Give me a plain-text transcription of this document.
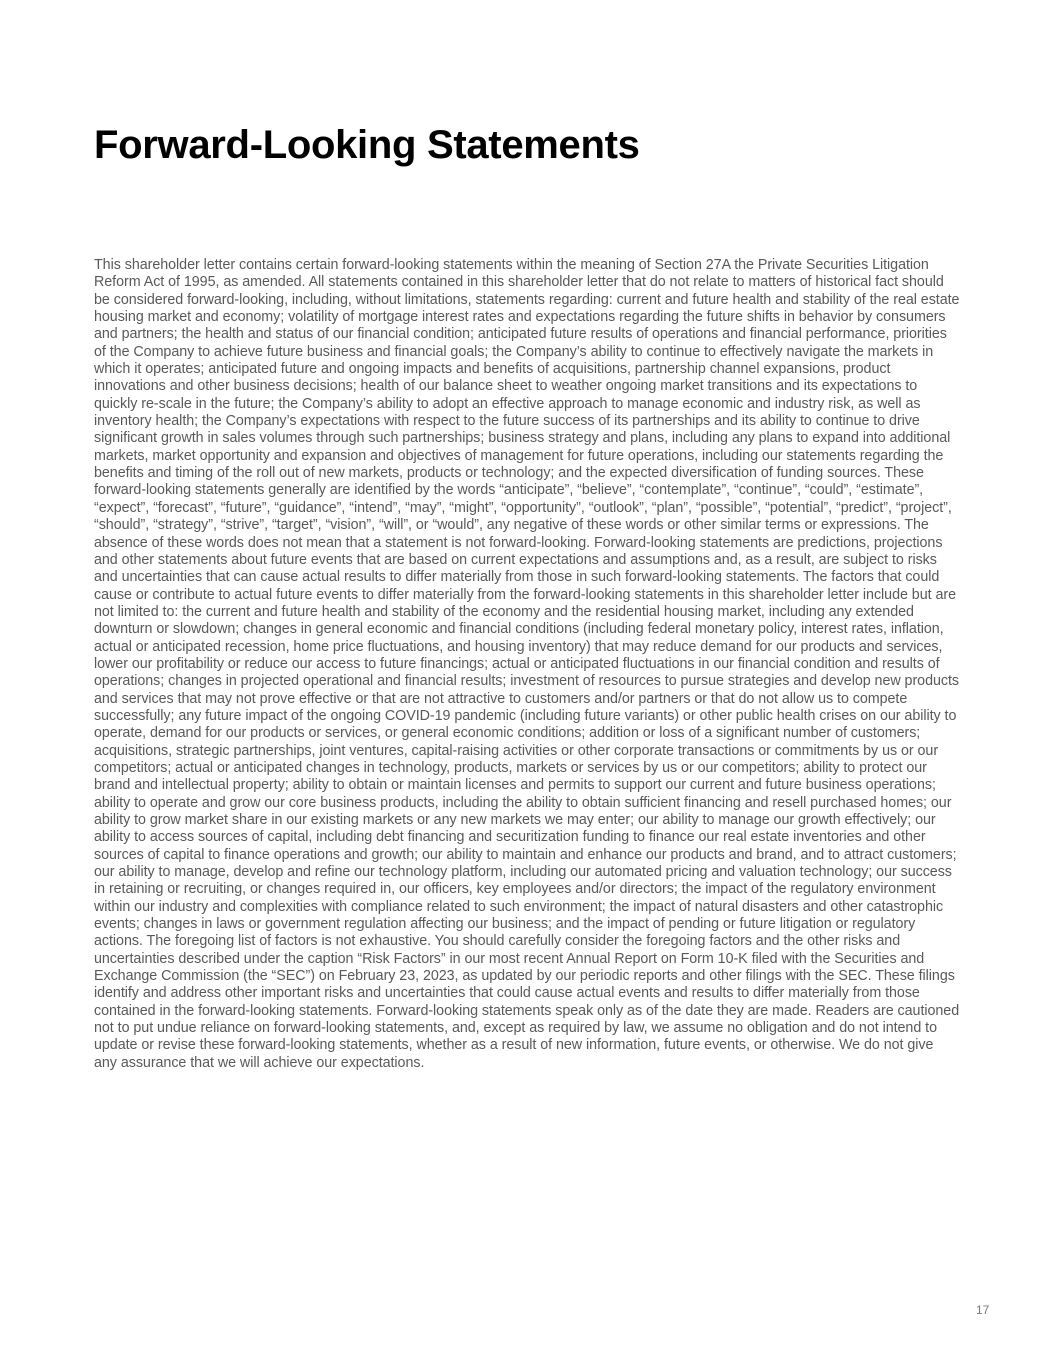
Forward-Looking Statements

This shareholder letter contains certain forward-looking statements within the meaning of Section 27A the Private Securities Litigation Reform Act of 1995, as amended. All statements contained in this shareholder letter that do not relate to matters of historical fact should be considered forward-looking, including, without limitations, statements regarding: current and future health and stability of the real estate housing market and economy; volatility of mortgage interest rates and expectations regarding the future shifts in behavior by consumers and partners; the health and status of our financial condition; anticipated future results of operations and financial performance, priorities of the Company to achieve future business and financial goals; the Company’s ability to continue to effectively navigate the markets in which it operates; anticipated future and ongoing impacts and benefits of acquisitions, partnership channel expansions, product innovations and other business decisions; health of our balance sheet to weather ongoing market transitions and its expectations to quickly re-scale in the future; the Company’s ability to adopt an effective approach to manage economic and industry risk, as well as inventory health; the Company’s expectations with respect to the future success of its partnerships and its ability to continue to drive significant growth in sales volumes through such partnerships; business strategy and plans, including any plans to expand into additional markets, market opportunity and expansion and objectives of management for future operations, including our statements regarding the benefits and timing of the roll out of new markets, products or technology; and the expected diversification of funding sources. These forward-looking statements generally are identified by the words “anticipate”, “believe”, “contemplate”, “continue”, “could”, “estimate”, “expect”, “forecast”, “future”, “guidance”, “intend”, “may”, “might”, “opportunity”, “outlook”, “plan”, “possible”, “potential”, “predict”, “project”, “should”, “strategy”, “strive”, “target”, “vision”, “will”, or “would”, any negative of these words or other similar terms or expressions. The absence of these words does not mean that a statement is not forward-looking. Forward-looking statements are predictions, projections and other statements about future events that are based on current expectations and assumptions and, as a result, are subject to risks and uncertainties that can cause actual results to differ materially from those in such forward-looking statements. The factors that could cause or contribute to actual future events to differ materially from the forward-looking statements in this shareholder letter include but are not limited to: the current and future health and stability of the economy and the residential housing market, including any extended downturn or slowdown; changes in general economic and financial conditions (including federal monetary policy, interest rates, inflation, actual or anticipated recession, home price fluctuations, and housing inventory) that may reduce demand for our products and services, lower our profitability or reduce our access to future financings; actual or anticipated fluctuations in our financial condition and results of operations; changes in projected operational and financial results; investment of resources to pursue strategies and develop new products and services that may not prove effective or that are not attractive to customers and/or partners or that do not allow us to compete successfully; any future impact of the ongoing COVID-19 pandemic (including future variants) or other public health crises on our ability to operate, demand for our products or services, or general economic conditions; addition or loss of a significant number of customers; acquisitions, strategic partnerships, joint ventures, capital-raising activities or other corporate transactions or commitments by us or our competitors; actual or anticipated changes in technology, products, markets or services by us or our competitors; ability to protect our brand and intellectual property; ability to obtain or maintain licenses and permits to support our current and future business operations; ability to operate and grow our core business products, including the ability to obtain sufficient financing and resell purchased homes; our ability to grow market share in our existing markets or any new markets we may enter; our ability to manage our growth effectively; our ability to access sources of capital, including debt financing and securitization funding to finance our real estate inventories and other sources of capital to finance operations and growth; our ability to maintain and enhance our products and brand, and to attract customers; our ability to manage, develop and refine our technology platform, including our automated pricing and valuation technology; our success in retaining or recruiting, or changes required in, our officers, key employees and/or directors; the impact of the regulatory environment within our industry and complexities with compliance related to such environment; the impact of natural disasters and other catastrophic events; changes in laws or government regulation affecting our business; and the impact of pending or future litigation or regulatory actions. The foregoing list of factors is not exhaustive. You should carefully consider the foregoing factors and the other risks and uncertainties described under the caption “Risk Factors” in our most recent Annual Report on Form 10-K filed with the Securities and Exchange Commission (the “SEC”) on February 23, 2023, as updated by our periodic reports and other filings with the SEC. These filings identify and address other important risks and uncertainties that could cause actual events and results to differ materially from those contained in the forward-looking statements. Forward-looking statements speak only as of the date they are made. Readers are cautioned not to put undue reliance on forward-looking statements, and, except as required by law, we assume no obligation and do not intend to update or revise these forward-looking statements, whether as a result of new information, future events, or otherwise. We do not give any assurance that we will achieve our expectations.

17
